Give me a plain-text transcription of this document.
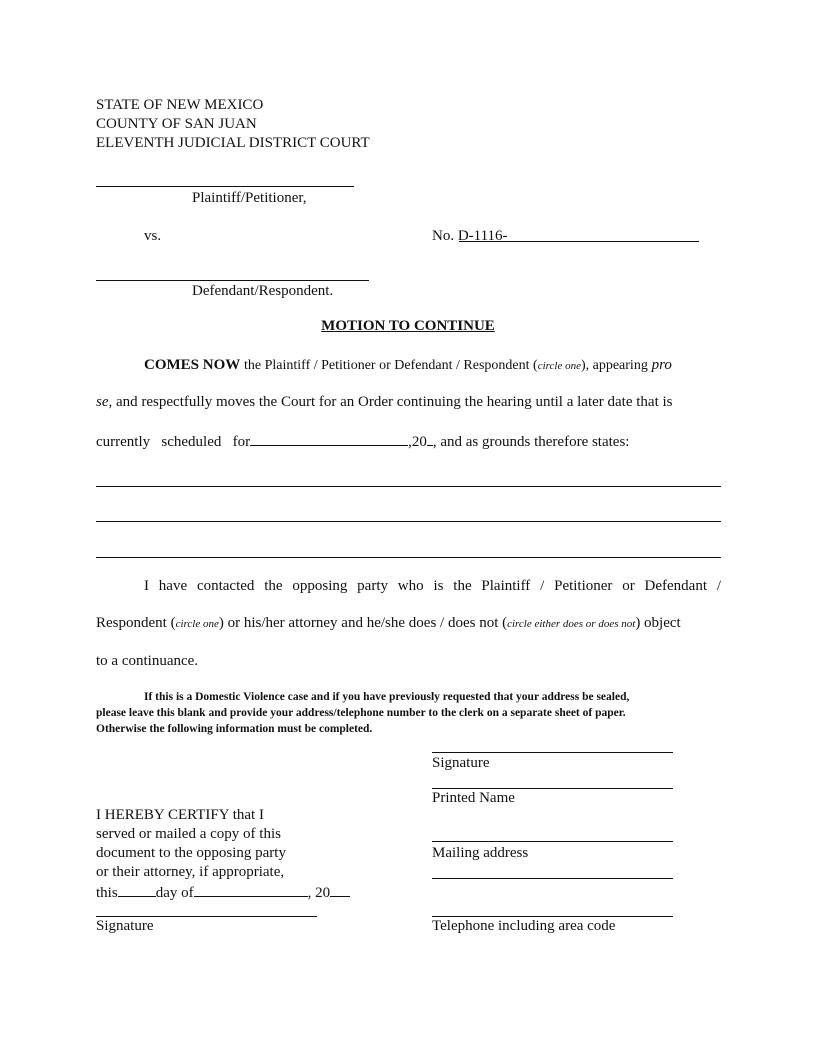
STATE OF NEW MEXICO
COUNTY OF SAN JUAN
ELEVENTH JUDICIAL DISTRICT COURT
Plaintiff/Petitioner,
vs.	No. D-1116-
Defendant/Respondent.
MOTION TO CONTINUE
COMES NOW the Plaintiff / Petitioner or Defendant / Respondent (circle one), appearing pro
se, and respectfully moves the Court for an Order continuing the hearing until a later date that is
currently   scheduled   for	,20 , and as grounds therefore states:
I have contacted the opposing party who is the Plaintiff / Petitioner or Defendant /
Respondent (circle one) or his/her attorney and he/she does / does not (circle either does or does not) object
to a continuance.
If this is a Domestic Violence case and if you have previously requested that your address be sealed,
please leave this blank and provide your address/telephone number to the clerk on a separate sheet of paper.
Otherwise the following information must be completed.
Signature
Printed Name
Mailing address
Telephone including area code
I HEREBY CERTIFY that I
served or mailed a copy of this
document to the opposing party
or their attorney, if appropriate,
this	day of	, 20
Signature
